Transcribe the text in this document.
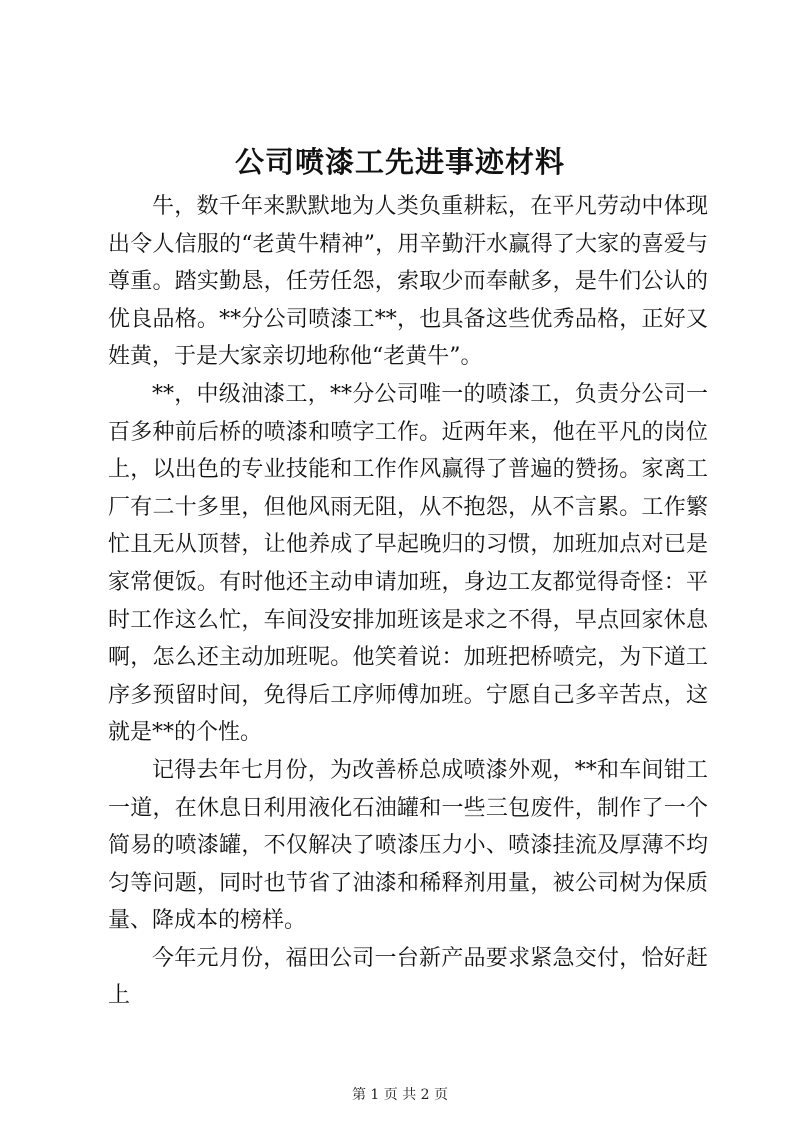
公司喷漆工先进事迹材料

牛，数千年来默默地为人类负重耕耘，在平凡劳动中体现出令人信服的“老黄牛精神”，用辛勤汗水赢得了大家的喜爱与尊重。踏实勤恳，任劳任怨，索取少而奉献多，是牛们公认的优良品格。**分公司喷漆工**，也具备这些优秀品格，正好又姓黄，于是大家亲切地称他“老黄牛”。

**，中级油漆工，**分公司唯一的喷漆工，负责分公司一百多种前后桥的喷漆和喷字工作。近两年来，他在平凡的岗位上，以出色的专业技能和工作作风赢得了普遍的赞扬。家离工厂有二十多里，但他风雨无阻，从不抱怨，从不言累。工作繁忙且无从顶替，让他养成了早起晚归的习惯，加班加点对已是家常便饭。有时他还主动申请加班，身边工友都觉得奇怪：平时工作这么忙，车间没安排加班该是求之不得，早点回家休息啊，怎么还主动加班呢。他笑着说：加班把桥喷完，为下道工序多预留时间，免得后工序师傅加班。宁愿自己多辛苦点，这就是**的个性。

记得去年七月份，为改善桥总成喷漆外观，**和车间钳工一道，在休息日利用液化石油罐和一些三包废件，制作了一个简易的喷漆罐，不仅解决了喷漆压力小、喷漆挂流及厚薄不均匀等问题，同时也节省了油漆和稀释剂用量，被公司树为保质量、降成本的榜样。

今年元月份，福田公司一台新产品要求紧急交付，恰好赶上

第 1 页 共 2 页
